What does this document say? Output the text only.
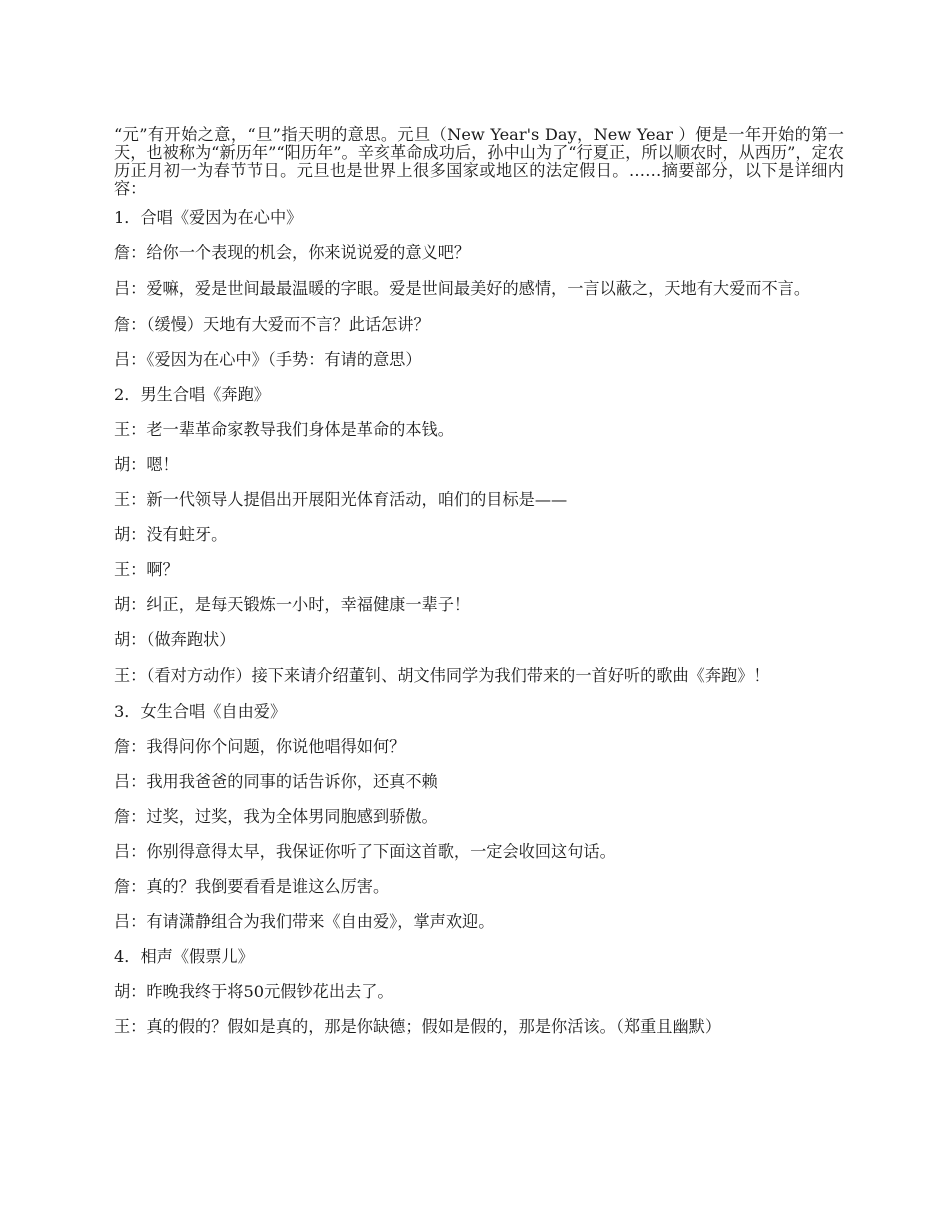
“元”有开始之意，“旦”指天明的意思。元旦（New Year's Day，New Year ）便是一年开始的第一天，也被称为“新历年”“阳历年”。辛亥革命成功后，孙中山为了“行夏正，所以顺农时，从西历”，定农历正月初一为春节节日。元旦也是世界上很多国家或地区的法定假日。……摘要部分，以下是详细内容：

1．合唱《爱因为在心中》

詹：给你一个表现的机会，你来说说爱的意义吧？

吕：爱嘛，爱是世间最最温暖的字眼。爱是世间最美好的感情，一言以蔽之，天地有大爱而不言。

詹：（缓慢）天地有大爱而不言？此话怎讲？

吕：《爱因为在心中》（手势：有请的意思）

2．男生合唱《奔跑》

王：老一辈革命家教导我们身体是革命的本钱。

胡：嗯！

王：新一代领导人提倡出开展阳光体育活动，咱们的目标是——

胡：没有蛀牙。

王：啊？

胡：纠正，是每天锻炼一小时，幸福健康一辈子！

胡：（做奔跑状）

王：（看对方动作）接下来请介绍董钊、胡文伟同学为我们带来的一首好听的歌曲《奔跑》！

3．女生合唱《自由爱》

詹：我得问你个问题，你说他唱得如何？

吕：我用我爸爸的同事的话告诉你，还真不赖

詹：过奖，过奖，我为全体男同胞感到骄傲。

吕：你别得意得太早，我保证你听了下面这首歌，一定会收回这句话。

詹：真的？我倒要看看是谁这么厉害。

吕：有请潇静组合为我们带来《自由爱》，掌声欢迎。

4．相声《假票儿》

胡：昨晚我终于将50元假钞花出去了。

王：真的假的？假如是真的，那是你缺德；假如是假的，那是你活该。（郑重且幽默）
